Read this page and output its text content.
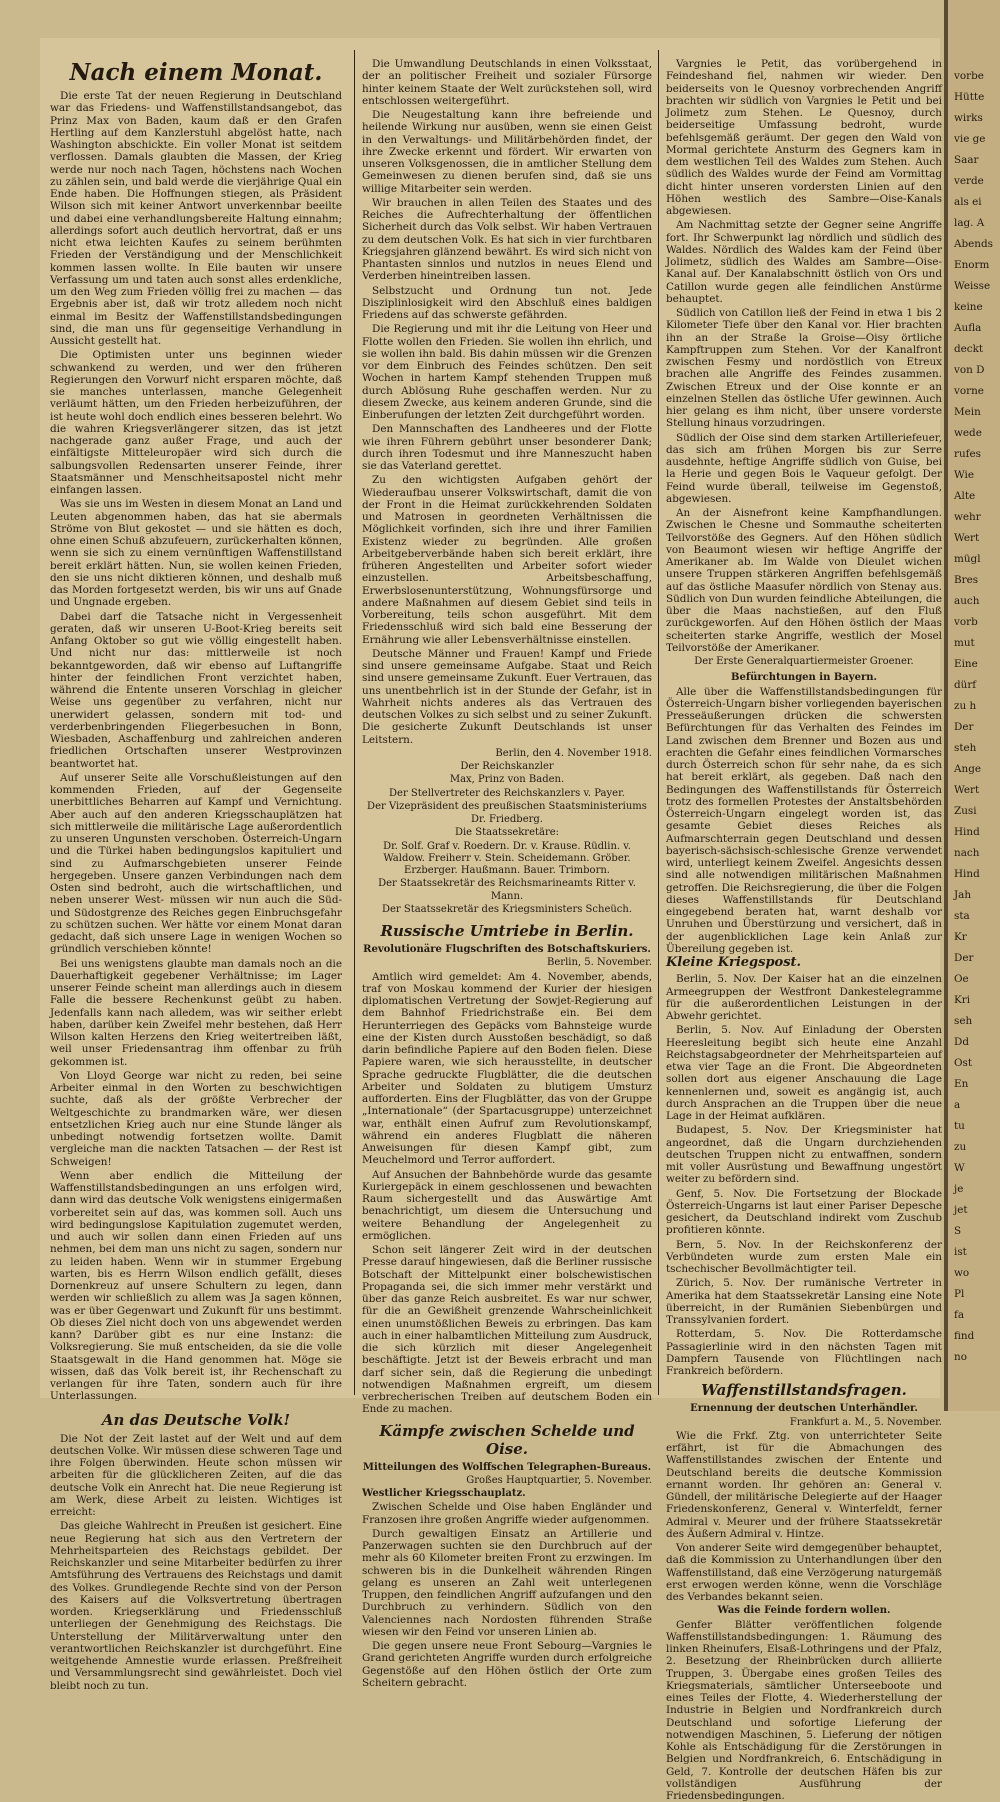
Nach einem Monat.

Die erste Tat der neuen Regierung in Deutschland war das Friedens- und Waffenstillstandsangebot, das Prinz Max von Baden, kaum daß er den Grafen Hertling auf dem Kanzlerstuhl abgelöst hatte, nach Washington abschickte. Ein voller Monat ist seitdem verflossen. Damals glaubten die Massen, der Krieg werde nur noch nach Tagen, höchstens nach Wochen zu zählen sein, und bald werde die vierjährige Qual ein Ende haben. Die Hoffnungen stiegen, als Präsident Wilson sich mit keiner Antwort unverkennbar beeilte und dabei eine verhandlungsbereite Haltung einnahm; allerdings sofort auch deutlich hervortrat, daß er uns nicht etwa leichten Kaufes zu seinem berühmten Frieden der Verständigung und der Menschlichkeit kommen lassen wollte. In Eile bauten wir unsere Verfassung um und taten auch sonst alles erdenkliche, um den Weg zum Frieden völlig frei zu machen — das Ergebnis aber ist, daß wir trotz alledem noch nicht einmal im Besitz der Waffenstillstandsbedingungen sind, die man uns für gegenseitige Verhandlung in Aussicht gestellt hat.

Die Optimisten unter uns beginnen wieder schwankend zu werden, und wer den früheren Regierungen den Vorwurf nicht ersparen möchte, daß sie manches unterlassen, manche Gelegenheit verläumt hätten, um den Frieden herbeizuführen, der ist heute wohl doch endlich eines besseren belehrt. Wo die wahren Kriegsverlängerer sitzen, das ist jetzt nachgerade ganz außer Frage, und auch der einfältigste Mitteleuropäer wird sich durch die salbungsvollen Redensarten unserer Feinde, ihrer Staatsmänner und Menschheitsapostel nicht mehr einfangen lassen.

Was sie uns im Westen in diesem Monat an Land und Leuten abgenommen haben, das hat sie abermals Ströme von Blut gekostet — und sie hätten es doch, ohne einen Schuß abzufeuern, zurückerhalten können, wenn sie sich zu einem vernünftigen Waffenstillstand bereit erklärt hätten. Nun, sie wollen keinen Frieden, den sie uns nicht diktieren können, und deshalb muß das Morden fortgesetzt werden, bis wir uns auf Gnade und Ungnade ergeben.

Dabei darf die Tatsache nicht in Vergessenheit geraten, daß wir unseren U-Boot-Krieg bereits seit Anfang Oktober so gut wie völlig eingestellt haben. Und nicht nur das: mittlerweile ist noch bekanntgeworden, daß wir ebenso auf Luftangriffe hinter der feindlichen Front verzichtet haben, während die Entente unseren Vorschlag in gleicher Weise uns gegenüber zu verfahren, nicht nur unerwidert gelassen, sondern mit tod- und verderbenbringenden Fliegerbesuchen in Bonn, Wiesbaden, Aschaffenburg und zahlreichen anderen friedlichen Ortschaften unserer Westprovinzen beantwortet hat.

Auf unserer Seite alle Vorschußleistungen auf den kommenden Frieden, auf der Gegenseite unerbittliches Beharren auf Kampf und Vernichtung. Aber auch auf den anderen Kriegsschauplätzen hat sich mittlerweile die militärische Lage außerordentlich zu unseren Ungunsten verschoben. Österreich-Ungarn und die Türkei haben bedingungslos kapituliert und sind zu Aufmarschgebieten unserer Feinde hergegeben. Unsere ganzen Verbindungen nach dem Osten sind bedroht, auch die wirtschaftlichen, und neben unserer West- müssen wir nun auch die Süd- und Südostgrenze des Reiches gegen Einbruchsgefahr zu schützen suchen. Wer hätte vor einem Monat daran gedacht, daß sich unsere Lage in wenigen Wochen so gründlich verschieben könnte!

Bei uns wenigstens glaubte man damals noch an die Dauerhaftigkeit gegebener Verhältnisse; im Lager unserer Feinde scheint man allerdings auch in diesem Falle die bessere Rechenkunst geübt zu haben. Jedenfalls kann nach alledem, was wir seither erlebt haben, darüber kein Zweifel mehr bestehen, daß Herr Wilson kalten Herzens den Krieg weitertreiben läßt, weil unser Friedensantrag ihm offenbar zu früh gekommen ist.

Von Lloyd George war nicht zu reden, bei seine Arbeiter einmal in den Worten zu beschwichtigen suchte, daß als der größte Verbrecher der Weltgeschichte zu brandmarken wäre, wer diesen entsetzlichen Krieg auch nur eine Stunde länger als unbedingt notwendig fortsetzen wollte. Damit vergleiche man die nackten Tatsachen — der Rest ist Schweigen!

Wenn aber endlich die Mitteilung der Waffenstillstandsbedingungen an uns erfolgen wird, dann wird das deutsche Volk wenigstens einigermaßen vorbereitet sein auf das, was kommen soll. Auch uns wird bedingungslose Kapitulation zugemutet werden, und auch wir sollen dann einen Frieden auf uns nehmen, bei dem man uns nicht zu sagen, sondern nur zu leiden haben. Wenn wir in stummer Ergebung warten, bis es Herrn Wilson endlich gefällt, dieses Dornenkreuz auf unsere Schultern zu legen, dann werden wir schließlich zu allem was Ja sagen können, was er über Gegenwart und Zukunft für uns bestimmt. Ob dieses Ziel nicht doch von uns abgewendet werden kann? Darüber gibt es nur eine Instanz: die Volksregierung. Sie muß entscheiden, da sie die volle Staatsgewalt in die Hand genommen hat. Möge sie wissen, daß das Volk bereit ist, ihr Rechenschaft zu verlangen für ihre Taten, sondern auch für ihre Unterlassungen.

An das Deutsche Volk!

Die Not der Zeit lastet auf der Welt und auf dem deutschen Volke. Wir müssen diese schweren Tage und ihre Folgen überwinden. Heute schon müssen wir arbeiten für die glücklicheren Zeiten, auf die das deutsche Volk ein Anrecht hat. Die neue Regierung ist am Werk, diese Arbeit zu leisten. Wichtiges ist erreicht:

Das gleiche Wahlrecht in Preußen ist gesichert. Eine neue Regierung hat sich aus den Vertretern der Mehrheitsparteien des Reichstags gebildet. Der Reichskanzler und seine Mitarbeiter bedürfen zu ihrer Amtsführung des Vertrauens des Reichstags und damit des Volkes. Grundlegende Rechte sind von der Person des Kaisers auf die Volksvertretung übertragen worden. Kriegserklärung und Friedensschluß unterliegen der Genehmigung des Reichstags. Die Unterstellung der Militärverwaltung unter den verantwortlichen Reichskanzler ist durchgeführt. Eine weitgehende Amnestie wurde erlassen. Preßfreiheit und Versammlungsrecht sind gewährleistet. Doch viel bleibt noch zu tun.

Die Umwandlung Deutschlands in einen Volksstaat, der an politischer Freiheit und sozialer Fürsorge hinter keinem Staate der Welt zurückstehen soll, wird entschlossen weitergeführt.

Die Neugestaltung kann ihre befreiende und heilende Wirkung nur ausüben, wenn sie einen Geist in den Verwaltungs- und Militärbehörden findet, der ihre Zwecke erkennt und fördert. Wir erwarten von unseren Volksgenossen, die in amtlicher Stellung dem Gemeinwesen zu dienen berufen sind, daß sie uns willige Mitarbeiter sein werden.

Wir brauchen in allen Teilen des Staates und des Reiches die Aufrechterhaltung der öffentlichen Sicherheit durch das Volk selbst. Wir haben Vertrauen zu dem deutschen Volk. Es hat sich in vier furchtbaren Kriegsjahren glänzend bewährt. Es wird sich nicht von Phantasten sinnlos und nutzlos in neues Elend und Verderben hineintreiben lassen.

Selbstzucht und Ordnung tun not. Jede Disziplinlosigkeit wird den Abschluß eines baldigen Friedens auf das schwerste gefährden.

Die Regierung und mit ihr die Leitung von Heer und Flotte wollen den Frieden. Sie wollen ihn ehrlich, und sie wollen ihn bald. Bis dahin müssen wir die Grenzen vor dem Einbruch des Feindes schützen. Den seit Wochen in hartem Kampf stehenden Truppen muß durch Ablösung Ruhe geschaffen werden. Nur zu diesem Zwecke, aus keinem anderen Grunde, sind die Einberufungen der letzten Zeit durchgeführt worden.

Den Mannschaften des Landheeres und der Flotte wie ihren Führern gebührt unser besonderer Dank; durch ihren Todesmut und ihre Manneszucht haben sie das Vaterland gerettet.

Zu den wichtigsten Aufgaben gehört der Wiederaufbau unserer Volkswirtschaft, damit die von der Front in die Heimat zurückkehrenden Soldaten und Matrosen in geordneten Verhältnissen die Möglichkeit vorfinden, sich ihre und ihrer Familien Existenz wieder zu begründen. Alle großen Arbeitgeberverbände haben sich bereit erklärt, ihre früheren Angestellten und Arbeiter sofort wieder einzustellen. Arbeitsbeschaffung, Erwerbslosenunterstützung, Wohnungsfürsorge und andere Maßnahmen auf diesem Gebiet sind teils in Vorbereitung, teils schon ausgeführt. Mit dem Friedensschluß wird sich bald eine Besserung der Ernährung wie aller Lebensverhältnisse einstellen.

Deutsche Männer und Frauen! Kampf und Friede sind unsere gemeinsame Aufgabe. Staat und Reich sind unsere gemeinsame Zukunft. Euer Vertrauen, das uns unentbehrlich ist in der Stunde der Gefahr, ist in Wahrheit nichts anderes als das Vertrauen des deutschen Volkes zu sich selbst und zu seiner Zukunft. Die gesicherte Zukunft Deutschlands ist unser Leitstern.

Berlin, den 4. November 1918.
Der Reichskanzler
Max, Prinz von Baden.
Der Stellvertreter des Reichskanzlers v. Payer.
Der Vizepräsident des preußischen Staatsministeriums
Dr. Friedberg.
Die Staatssekretäre:
Dr. Solf. Graf v. Roedern. Dr. v. Krause. Rüdlin. v. Waldow. Freiherr v. Stein. Scheidemann. Gröber. Erzberger. Haußmann. Bauer. Trimborn.
Der Staatssekretär des Reichsmarineamts Ritter v. Mann.
Der Staatssekretär des Kriegsministers Scheüch.
Russische Umtriebe in Berlin.
Revolutionäre Flugschriften des Botschaftskuriers.
Berlin, 5. November.

Amtlich wird gemeldet: Am 4. November, abends, traf von Moskau kommend der Kurier der hiesigen diplomatischen Vertretung der Sowjet-Regierung auf dem Bahnhof Friedrichstraße ein. Bei dem Herunterriegen des Gepäcks vom Bahnsteige wurde eine der Kisten durch Ausstoßen beschädigt, so daß darin befindliche Papiere auf den Boden fielen. Diese Papiere waren, wie sich herausstellte, in deutscher Sprache gedruckte Flugblätter, die die deutschen Arbeiter und Soldaten zu blutigem Umsturz aufforderten. Eins der Flugblätter, das von der Gruppe „Internationale“ (der Spartacusgruppe) unterzeichnet war, enthält einen Aufruf zum Revolutionskampf, während ein anderes Flugblatt die näheren Anweisungen für diesen Kampf gibt, zum Meuchelmord und Terror auffordert.

Auf Ansuchen der Bahnbehörde wurde das gesamte Kuriergepäck in einem geschlossenen und bewachten Raum sichergestellt und das Auswärtige Amt benachrichtigt, um diesem die Untersuchung und weitere Behandlung der Angelegenheit zu ermöglichen.

Schon seit längerer Zeit wird in der deutschen Presse darauf hingewiesen, daß die Berliner russische Botschaft der Mittelpunkt einer bolschewistischen Propaganda sei, die sich immer mehr verstärkt und über das ganze Reich ausbreitet. Es war nur schwer, für die an Gewißheit grenzende Wahrscheinlichkeit einen unumstößlichen Beweis zu erbringen. Das kam auch in einer halbamtlichen Mitteilung zum Ausdruck, die sich kürzlich mit dieser Angelegenheit beschäftigte. Jetzt ist der Beweis erbracht und man darf sicher sein, daß die Regierung die unbedingt notwendigen Maßnahmen ergreift, um diesem verbrecherischen Treiben auf deutschem Boden ein Ende zu machen.

Kämpfe zwischen Schelde und Oise.
Mitteilungen des Wolffschen Telegraphen-Bureaus.
Großes Hauptquartier, 5. November.
Westlicher Kriegsschauplatz.

Zwischen Schelde und Oise haben Engländer und Franzosen ihre großen Angriffe wieder aufgenommen.

Durch gewaltigen Einsatz an Artillerie und Panzerwagen suchten sie den Durchbruch auf der mehr als 60 Kilometer breiten Front zu erzwingen. Im schweren bis in die Dunkelheit währenden Ringen gelang es unseren an Zahl weit unterlegenen Truppen, den feindlichen Angriff aufzufangen und den Durchbruch zu verhindern. Südlich von den Valenciennes nach Nordosten führenden Straße wiesen wir den Feind vor unseren Linien ab.

Die gegen unsere neue Front Sebourg—Vargnies le Grand gerichteten Angriffe wurden durch erfolgreiche Gegenstöße auf den Höhen östlich der Orte zum Scheitern gebracht.

Vargnies le Petit, das vorübergehend in Feindeshand fiel, nahmen wir wieder. Den beiderseits von le Quesnoy vorbrechenden Angriff brachten wir südlich von Vargnies le Petit und bei Jolimetz zum Stehen. Le Quesnoy, durch beiderseitige Umfassung bedroht, wurde befehlsgemäß geräumt. Der gegen den Wald von Mormal gerichtete Ansturm des Gegners kam in dem westlichen Teil des Waldes zum Stehen. Auch südlich des Waldes wurde der Feind am Vormittag dicht hinter unseren vordersten Linien auf den Höhen westlich des Sambre—Oise-Kanals abgewiesen.

Am Nachmittag setzte der Gegner seine Angriffe fort. Ihr Schwerpunkt lag nördlich und südlich des Waldes. Nördlich des Waldes kam der Feind über Jolimetz, südlich des Waldes am Sambre—Oise-Kanal auf. Der Kanalabschnitt östlich von Ors und Catillon wurde gegen alle feindlichen Anstürme behauptet.

Südlich von Catillon ließ der Feind in etwa 1 bis 2 Kilometer Tiefe über den Kanal vor. Hier brachten ihn an der Straße la Groise—Oisy örtliche Kampftruppen zum Stehen. Vor der Kanalfront zwischen Fesmy und nordöstlich von Etreux brachen alle Angriffe des Feindes zusammen. Zwischen Etreux und der Oise konnte er an einzelnen Stellen das östliche Ufer gewinnen. Auch hier gelang es ihm nicht, über unsere vorderste Stellung hinaus vorzudringen.

Südlich der Oise sind dem starken Artilleriefeuer, das sich am frühen Morgen bis zur Serre ausdehnte, heftige Angriffe südlich von Guise, bei la Herie und gegen Bois le Vaqueur gefolgt. Der Feind wurde überall, teilweise im Gegenstoß, abgewiesen.

An der Aisnefront keine Kampfhandlungen. Zwischen le Chesne und Sommauthe scheiterten Teilvorstöße des Gegners. Auf den Höhen südlich von Beaumont wiesen wir heftige Angriffe der Amerikaner ab. Im Walde von Dieulet wichen unsere Truppen stärkeren Angriffen befehlsgemäß auf das östliche Maasufer nördlich von Stenay aus. Südlich von Dun wurden feindliche Abteilungen, die über die Maas nachstießen, auf den Fluß zurückgeworfen. Auf den Höhen östlich der Maas scheiterten starke Angriffe, westlich der Mosel Teilvorstöße der Amerikaner.

Der Erste Generalquartiermeister Groener.
Befürchtungen in Bayern.

Alle über die Waffenstillstandsbedingungen für Österreich-Ungarn bisher vorliegenden bayerischen Presseäußerungen drücken die schwersten Befürchtungen für das Verhalten des Feindes im Land zwischen dem Brenner und Bozen aus und erachten die Gefahr eines feindlichen Vormarsches durch Österreich schon für sehr nahe, da es sich hat bereit erklärt, als gegeben. Daß nach den Bedingungen des Waffenstillstands für Österreich trotz des formellen Protestes der Anstaltsbehörden Österreich-Ungarn eingelegt worden ist, das gesamte Gebiet dieses Reiches als Aufmarschterrain gegen Deutschland und dessen bayerisch-sächsisch-schlesische Grenze verwendet wird, unterliegt keinem Zweifel. Angesichts dessen sind alle notwendigen militärischen Maßnahmen getroffen. Die Reichsregierung, die über die Folgen dieses Waffenstillstands für Deutschland eingegebend beraten hat, warnt deshalb vor Unruhen und Überstürzung und versichert, daß in der augenblicklichen Lage kein Anlaß zur Übereilung gegeben ist.

Kleine Kriegspost.

Berlin, 5. Nov. Der Kaiser hat an die einzelnen Armeegruppen der Westfront Dankestelegramme für die außerordentlichen Leistungen in der Abwehr gerichtet.

Berlin, 5. Nov. Auf Einladung der Obersten Heeresleitung begibt sich heute eine Anzahl Reichstagsabgeordneter der Mehrheitsparteien auf etwa vier Tage an die Front. Die Abgeordneten sollen dort aus eigener Anschauung die Lage kennenlernen und, soweit es angängig ist, auch durch Ansprachen an die Truppen über die neue Lage in der Heimat aufklären.

Budapest, 5. Nov. Der Kriegsminister hat angeordnet, daß die Ungarn durchziehenden deutschen Truppen nicht zu entwaffnen, sondern mit voller Ausrüstung und Bewaffnung ungestört weiter zu befördern sind.

Genf, 5. Nov. Die Fortsetzung der Blockade Österreich-Ungarns ist laut einer Pariser Depesche gesichert, da Deutschland indirekt vom Zuschub profitieren könnte.

Bern, 5. Nov. In der Reichskonferenz der Verbündeten wurde zum ersten Male ein tschechischer Bevollmächtigter teil.

Zürich, 5. Nov. Der rumänische Vertreter in Amerika hat dem Staatssekretär Lansing eine Note überreicht, in der Rumänien Siebenbürgen und Transsylvanien fordert.

Rotterdam, 5. Nov. Die Rotterdamsche Passagierlinie wird in den nächsten Tagen mit Dampfern Tausende von Flüchtlingen nach Frankreich befördern.

Waffenstillstandsfragen.
Ernennung der deutschen Unterhändler.
Frankfurt a. M., 5. November.

Wie die Frkf. Ztg. von unterrichteter Seite erfährt, ist für die Abmachungen des Waffenstillstandes zwischen der Entente und Deutschland bereits die deutsche Kommission ernannt worden. Ihr gehören an: General v. Gündell, der militärische Delegierte auf der Haager Friedenskonferenz, General v. Winterfeldt, ferner Admiral v. Meurer und der frühere Staatssekretär des Äußern Admiral v. Hintze.

Von anderer Seite wird demgegenüber behauptet, daß die Kommission zu Unterhandlungen über den Waffenstillstand, daß eine Verzögerung naturgemäß erst erwogen werden könne, wenn die Vorschläge des Verbandes bekannt seien.

Was die Feinde fordern wollen.

Genfer Blätter veröffentlichen folgende Waffenstillstandsbedingungen: 1. Räumung des linken Rheinufers, Elsaß-Lothringens und der Pfalz, 2. Besetzung der Rheinbrücken durch alliierte Truppen, 3. Übergabe eines großen Teiles des Kriegsmaterials, sämtlicher Unterseeboote und eines Teiles der Flotte, 4. Wiederherstellung der Industrie in Belgien und Nordfrankreich durch Deutschland und sofortige Lieferung der notwendigen Maschinen, 5. Lieferung der nötigen Kohle als Entschädigung für die Zerstörungen in Belgien und Nordfrankreich, 6. Entschädigung in Geld, 7. Kontrolle der deutschen Häfen bis zur vollständigen Ausführung der Friedensbedingungen.

vorbe
Hütte
wirks
vie ge
Saar
verde
als ei
lag. A
Abends
Enorm
Weisse
keine
Aufla
deckt
von D
vorne
Mein
wede
rufes
Wie
Alte
wehr
Wert
mügl
Bres
auch
vorb
mut
Eine
dürf
zu h
Der
steh
Ange
Wert
Zusi
Hind
nach
Hind
Jah
sta
Kr
Der
Oe
Kri
seh
Dd
Ost
En
a
tu
zu
W
je
jet
S
ist
wo
Pl
fa
find
no
